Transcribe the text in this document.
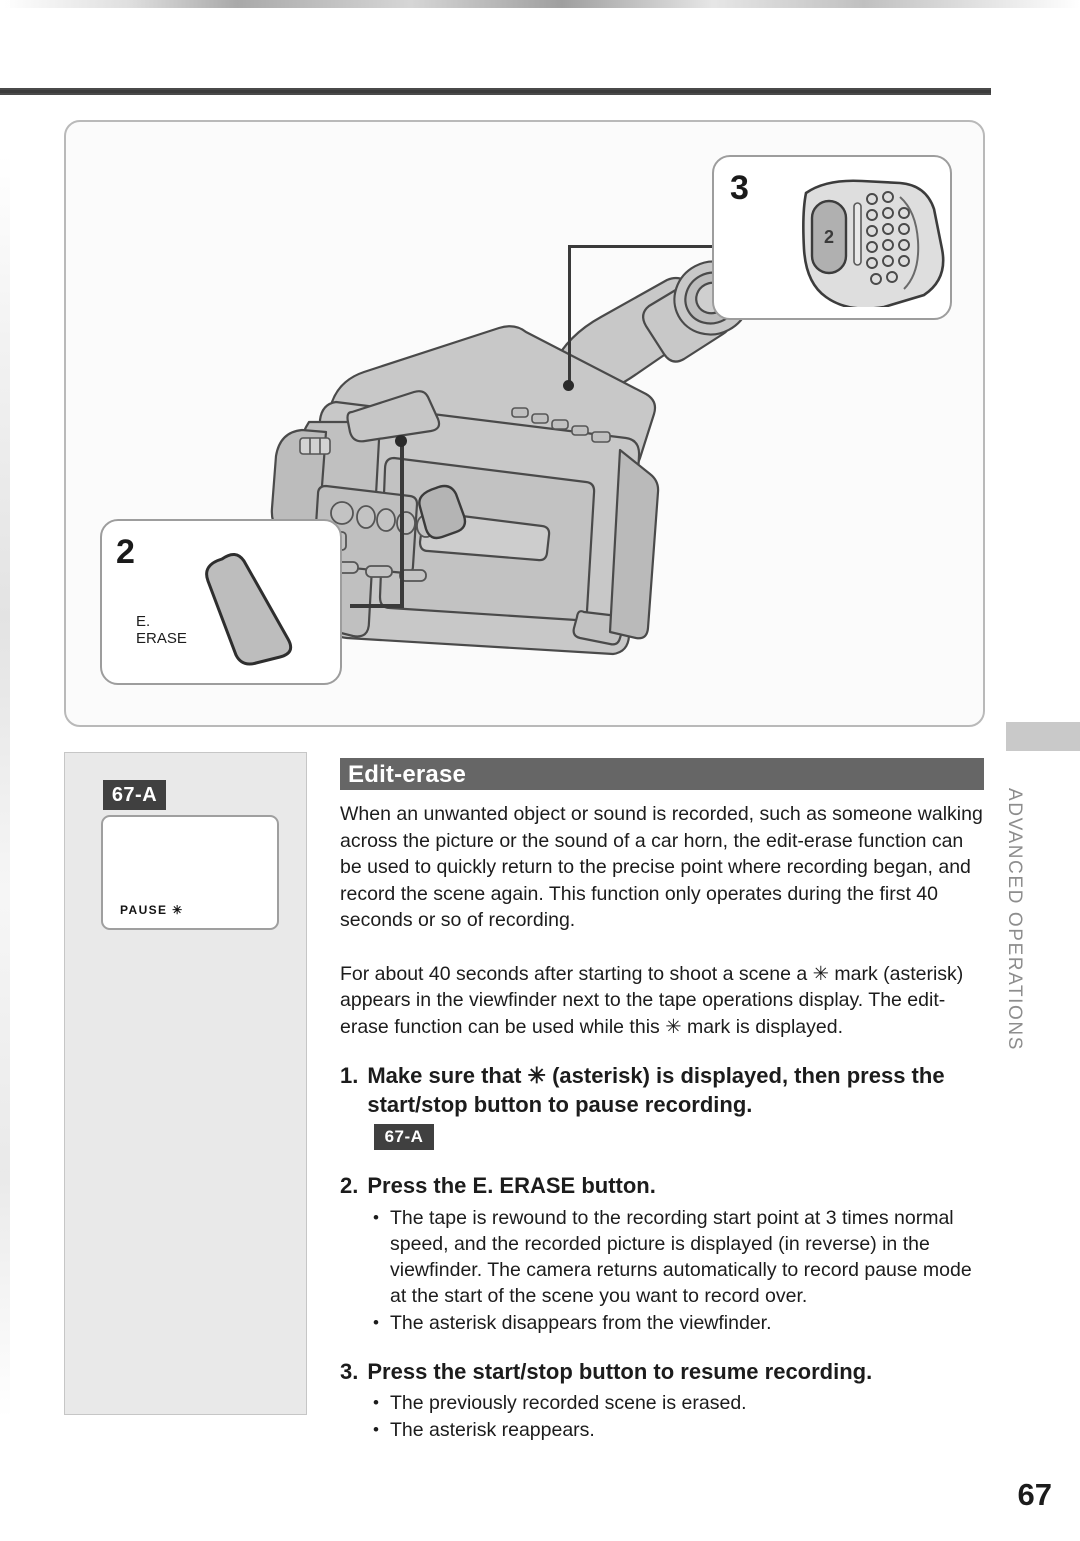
3
2
2
E.
ERASE
67-A
PAUSE ✳	ADVANCED OPERATIONS
Edit-erase

When an unwanted object or sound is recorded, such as someone walking across the picture or the sound of a car horn, the edit-erase function can be used to quickly return to the precise point where recording began, and record the scene again. This function only operates during the first 40 seconds or so of recording.

For about 40 seconds after starting to shoot a scene a ✳ mark (asterisk) appears in the viewfinder next to the tape operations display. The edit-erase function can be used while this ✳ mark is displayed.

1. Make sure that ✳ (asterisk) is displayed, then press the start/stop button to pause recording.
67-A
2. Press the E. ERASE button.
• The tape is rewound to the recording start point at 3 times normal speed, and the recorded picture is displayed (in reverse) in the viewfinder. The camera returns automatically to record pause mode at the start of the scene you want to record over.
• The asterisk disappears from the viewfinder.
3. Press the start/stop button to resume recording.
• The previously recorded scene is erased.
• The asterisk reappears.
67
